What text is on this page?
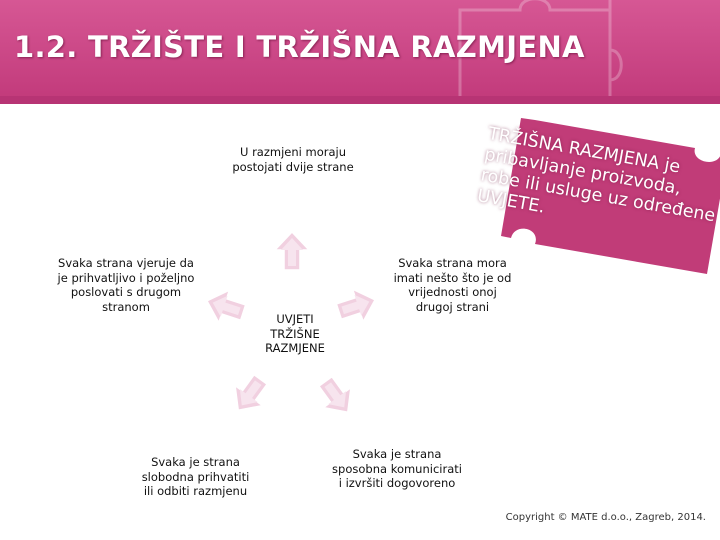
1.2. TRŽIŠTE I TRŽIŠNA RAZMJENA
TRŽIŠNA RAZMJENA je pribavljanje proizvoda, robe ili usluge uz određene UVJETE.
U razmjeni moraju postojati dvije strane
Svaka strana vjeruje da je prihvatljivo i poželjno poslovati s drugom stranom
Svaka strana mora imati nešto što je od vrijednosti onoj drugoj strani
Svaka je strana slobodna prihvatiti ili odbiti razmjenu
Svaka je strana sposobna komunicirati i izvršiti dogovoreno
UVJETI TRŽIŠNE RAZMJENE
Copyright © MATE d.o.o., Zagreb, 2014.
